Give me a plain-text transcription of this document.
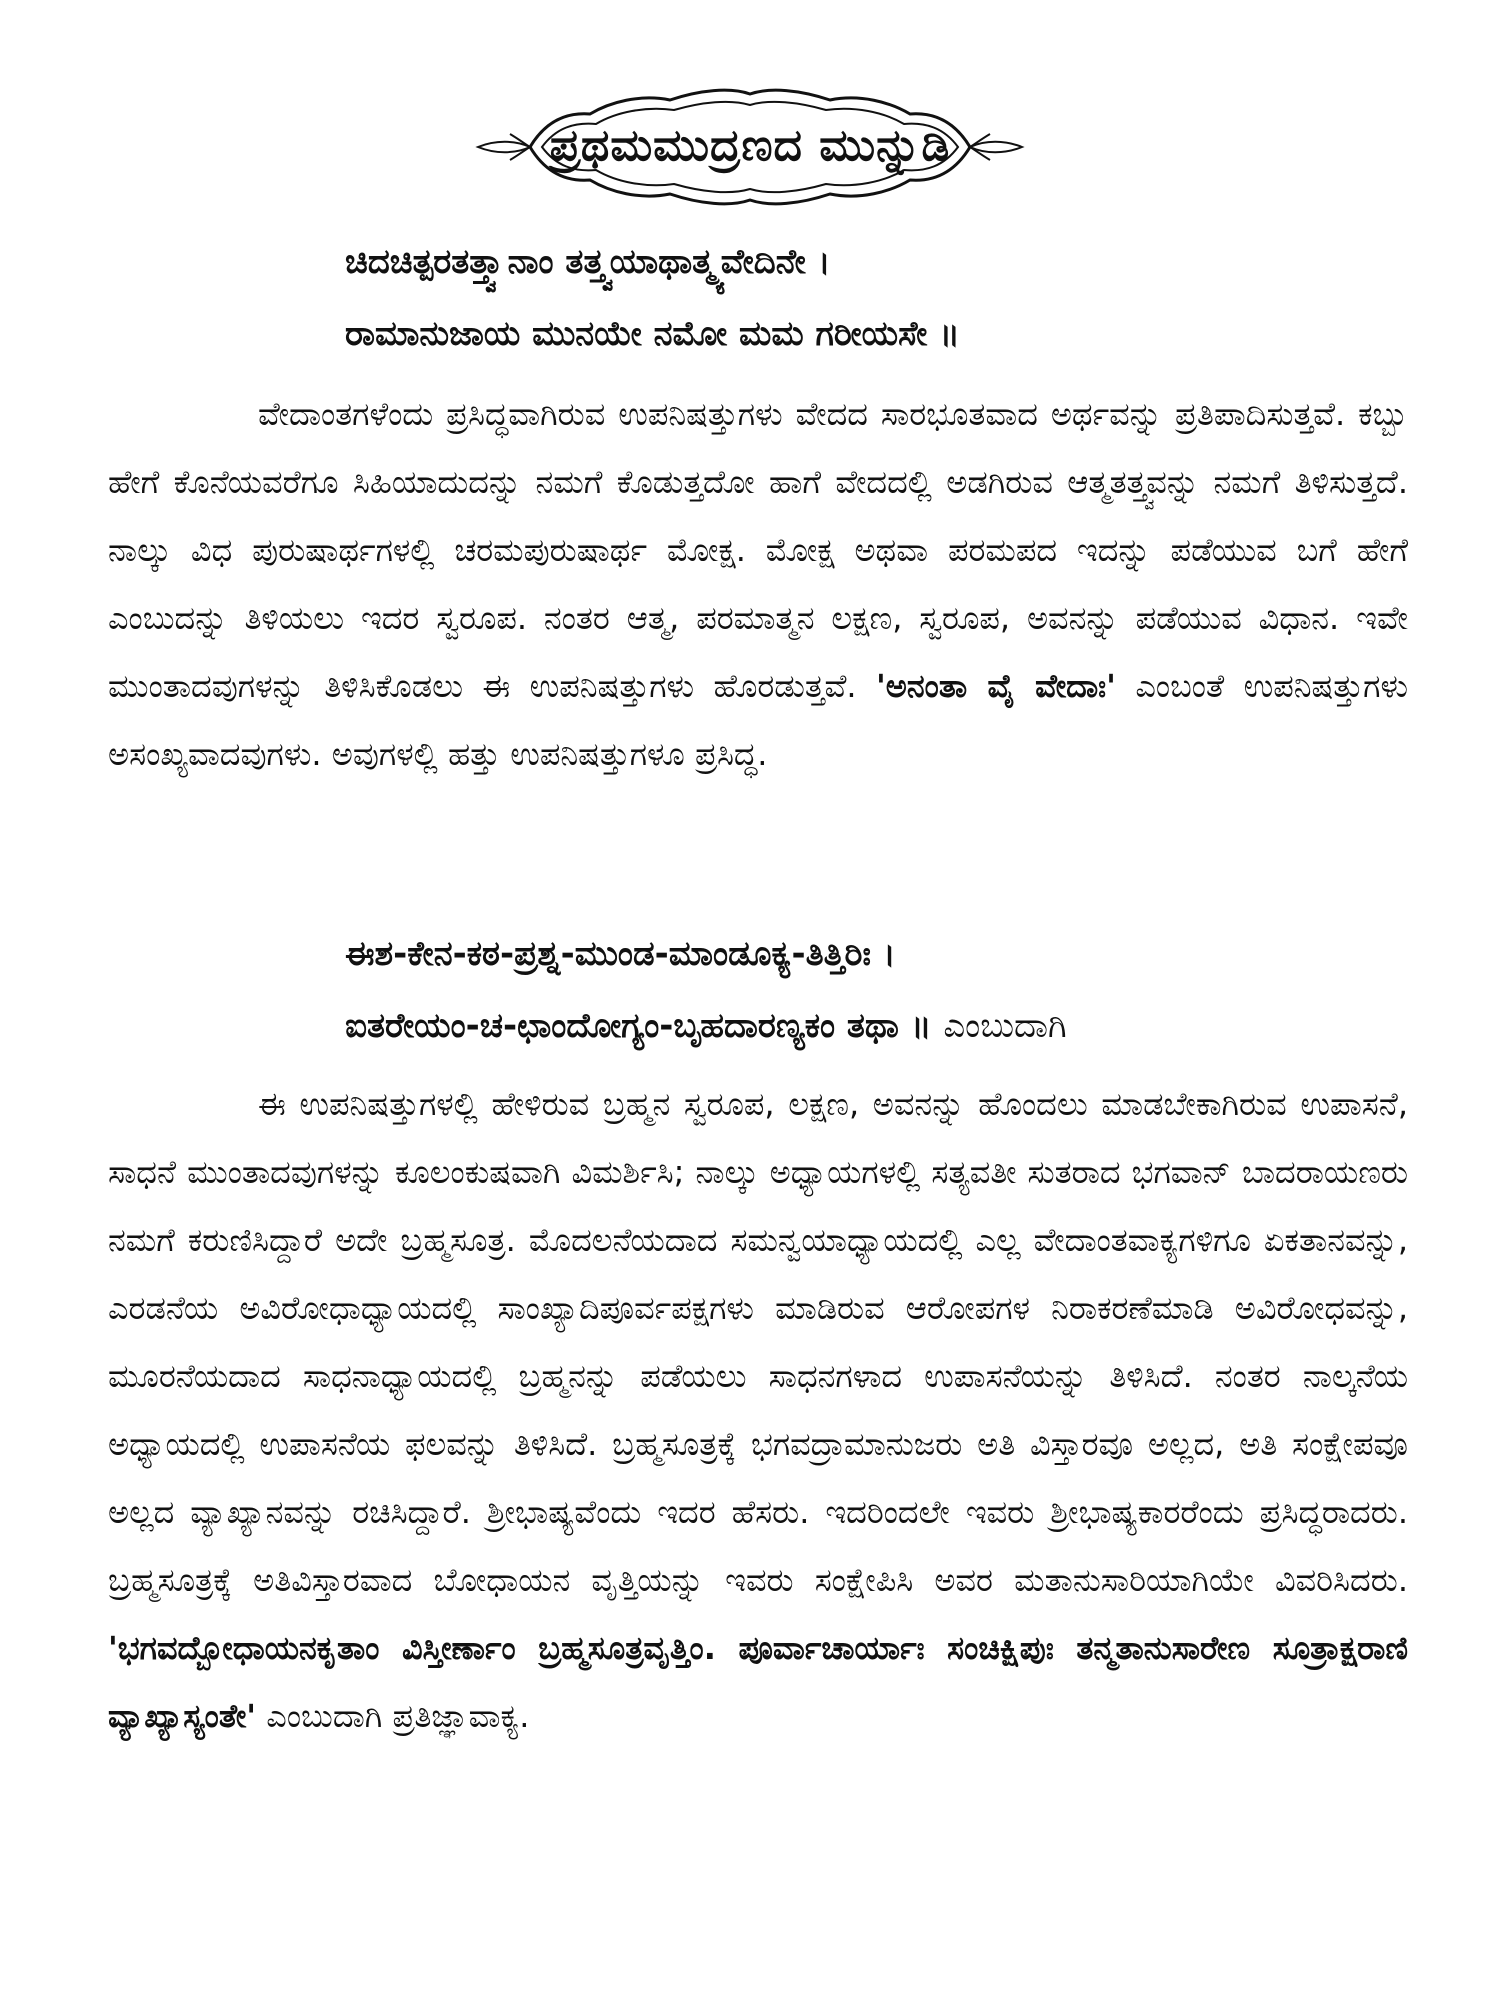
ಪ್ರಥಮಮುದ್ರಣದ ಮುನ್ನುಡಿ
ಚಿದಚಿತ್ಪರತತ್ತ್ವಾನಾಂ ತತ್ತ್ವಯಾಥಾತ್ಮ್ಯವೇದಿನೇ ।
ರಾಮಾನುಜಾಯ ಮುನಯೇ ನಮೋ ಮಮ ಗರೀಯಸೇ ॥

ವೇದಾಂತಗಳೆಂದು ಪ್ರಸಿದ್ಧವಾಗಿರುವ ಉಪನಿಷತ್ತುಗಳು ವೇದದ ಸಾರಭೂತವಾದ ಅರ್ಥವನ್ನು ಪ್ರತಿಪಾದಿಸುತ್ತವೆ. ಕಬ್ಬು ಹೇಗೆ ಕೊನೆಯವರೆಗೂ ಸಿಹಿಯಾದುದನ್ನು ನಮಗೆ ಕೊಡುತ್ತದೋ ಹಾಗೆ ವೇದದಲ್ಲಿ ಅಡಗಿರುವ ಆತ್ಮತತ್ತ್ವವನ್ನು ನಮಗೆ ತಿಳಿಸುತ್ತದೆ. ನಾಲ್ಕು ವಿಧ ಪುರುಷಾರ್ಥಗಳಲ್ಲಿ ಚರಮಪುರುಷಾರ್ಥ ಮೋಕ್ಷ. ಮೋಕ್ಷ ಅಥವಾ ಪರಮಪದ ಇದನ್ನು ಪಡೆಯುವ ಬಗೆ ಹೇಗೆ ಎಂಬುದನ್ನು ತಿಳಿಯಲು ಇದರ ಸ್ವರೂಪ. ನಂತರ ಆತ್ಮ, ಪರಮಾತ್ಮನ ಲಕ್ಷಣ, ಸ್ವರೂಪ, ಅವನನ್ನು ಪಡೆಯುವ ವಿಧಾನ. ಇವೇ ಮುಂತಾದವುಗಳನ್ನು ತಿಳಿಸಿಕೊಡಲು ಈ ಉಪನಿಷತ್ತುಗಳು ಹೊರಡುತ್ತವೆ. 'ಅನಂತಾ ವೈ ವೇದಾಃ' ಎಂಬಂತೆ ಉಪನಿಷತ್ತುಗಳು ಅಸಂಖ್ಯವಾದವುಗಳು. ಅವುಗಳಲ್ಲಿ ಹತ್ತು ಉಪನಿಷತ್ತುಗಳೂ ಪ್ರಸಿದ್ಧ.

ಈಶ-ಕೇನ-ಕಠ-ಪ್ರಶ್ನ-ಮುಂಡ-ಮಾಂಡೂಕ್ಯ-ತಿತ್ತಿರಿಃ ।
ಐತರೇಯಂ-ಚ-ಛಾಂದೋಗ್ಯಂ-ಬೃಹದಾರಣ್ಯಕಂ ತಥಾ ॥ ಎಂಬುದಾಗಿ

ಈ ಉಪನಿಷತ್ತುಗಳಲ್ಲಿ ಹೇಳಿರುವ ಬ್ರಹ್ಮನ ಸ್ವರೂಪ, ಲಕ್ಷಣ, ಅವನನ್ನು ಹೊಂದಲು ಮಾಡಬೇಕಾಗಿರುವ ಉಪಾಸನೆ, ಸಾಧನೆ ಮುಂತಾದವುಗಳನ್ನು ಕೂಲಂಕುಷವಾಗಿ ವಿಮರ್ಶಿಸಿ; ನಾಲ್ಕು ಅಧ್ಯಾಯಗಳಲ್ಲಿ ಸತ್ಯವತೀ ಸುತರಾದ ಭಗವಾನ್ ಬಾದರಾಯಣರು ನಮಗೆ ಕರುಣಿಸಿದ್ದಾರೆ ಅದೇ ಬ್ರಹ್ಮಸೂತ್ರ. ಮೊದಲನೆಯದಾದ ಸಮನ್ವಯಾಧ್ಯಾಯದಲ್ಲಿ ಎಲ್ಲ ವೇದಾಂತವಾಕ್ಯಗಳಿಗೂ ಏಕತಾನವನ್ನು, ಎರಡನೆಯ ಅವಿರೋಧಾಧ್ಯಾಯದಲ್ಲಿ ಸಾಂಖ್ಯಾದಿಪೂರ್ವಪಕ್ಷಗಳು ಮಾಡಿರುವ ಆರೋಪಗಳ ನಿರಾಕರಣೆಮಾಡಿ ಅವಿರೋಧವನ್ನು, ಮೂರನೆಯದಾದ ಸಾಧನಾಧ್ಯಾಯದಲ್ಲಿ ಬ್ರಹ್ಮನನ್ನು ಪಡೆಯಲು ಸಾಧನಗಳಾದ ಉಪಾಸನೆಯನ್ನು ತಿಳಿಸಿದೆ. ನಂತರ ನಾಲ್ಕನೆಯ ಅಧ್ಯಾಯದಲ್ಲಿ ಉಪಾಸನೆಯ ಫಲವನ್ನು ತಿಳಿಸಿದೆ. ಬ್ರಹ್ಮಸೂತ್ರಕ್ಕೆ ಭಗವದ್ರಾಮಾನುಜರು ಅತಿ ವಿಸ್ತಾರವೂ ಅಲ್ಲದ, ಅತಿ ಸಂಕ್ಷೇಪವೂ ಅಲ್ಲದ ವ್ಯಾಖ್ಯಾನವನ್ನು ರಚಿಸಿದ್ದಾರೆ. ಶ್ರೀಭಾಷ್ಯವೆಂದು ಇದರ ಹೆಸರು. ಇದರಿಂದಲೇ ಇವರು ಶ್ರೀಭಾಷ್ಯಕಾರರೆಂದು ಪ್ರಸಿದ್ಧರಾದರು. ಬ್ರಹ್ಮಸೂತ್ರಕ್ಕೆ ಅತಿವಿಸ್ತಾರವಾದ ಬೋಧಾಯನ ವೃತ್ತಿಯನ್ನು ಇವರು ಸಂಕ್ಷೇಪಿಸಿ ಅವರ ಮತಾನುಸಾರಿಯಾಗಿಯೇ ವಿವರಿಸಿದರು. 'ಭಗವದ್ಬೋಧಾಯನಕೃತಾಂ ವಿಸ್ತೀರ್ಣಾಂ ಬ್ರಹ್ಮಸೂತ್ರವೃತ್ತಿಂ. ಪೂರ್ವಾಚಾರ್ಯಾಃ ಸಂಚಿಕ್ಷಿಪುಃ ತನ್ಮತಾನುಸಾರೇಣ ಸೂತ್ರಾಕ್ಷರಾಣಿ ವ್ಯಾಖ್ಯಾಸ್ಯಂತೇ' ಎಂಬುದಾಗಿ ಪ್ರತಿಜ್ಞಾವಾಕ್ಯ.
